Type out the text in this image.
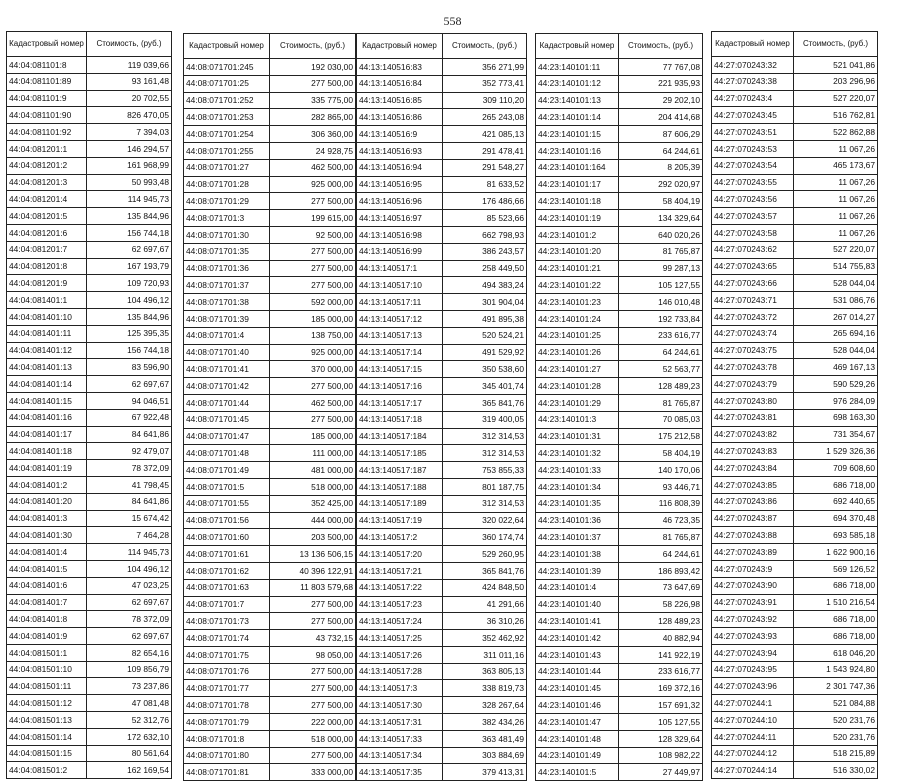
558
Кадастровый номер	Стоимость, (руб.)
44:04:081101:8	119 039,66
44:04:081101:89	93 161,48
44:04:081101:9	20 702,55
44:04:081101:90	826 470,05
44:04:081101:92	7 394,03
44:04:081201:1	146 294,57
44:04:081201:2	161 968,99
44:04:081201:3	50 993,48
44:04:081201:4	114 945,73
44:04:081201:5	135 844,96
44:04:081201:6	156 744,18
44:04:081201:7	62 697,67
44:04:081201:8	167 193,79
44:04:081201:9	109 720,93
44:04:081401:1	104 496,12
44:04:081401:10	135 844,96
44:04:081401:11	125 395,35
44:04:081401:12	156 744,18
44:04:081401:13	83 596,90
44:04:081401:14	62 697,67
44:04:081401:15	94 046,51
44:04:081401:16	67 922,48
44:04:081401:17	84 641,86
44:04:081401:18	92 479,07
44:04:081401:19	78 372,09
44:04:081401:2	41 798,45
44:04:081401:20	84 641,86
44:04:081401:3	15 674,42
44:04:081401:30	7 464,28
44:04:081401:4	114 945,73
44:04:081401:5	104 496,12
44:04:081401:6	47 023,25
44:04:081401:7	62 697,67
44:04:081401:8	78 372,09
44:04:081401:9	62 697,67
44:04:081501:1	82 654,16
44:04:081501:10	109 856,79
44:04:081501:11	73 237,86
44:04:081501:12	47 081,48
44:04:081501:13	52 312,76
44:04:081501:14	172 632,10
44:04:081501:15	80 561,64
44:04:081501:2	162 169,54
Кадастровый номер	Стоимость, (руб.)
44:08:071701:245	192 030,00
44:08:071701:25	277 500,00
44:08:071701:252	335 775,00
44:08:071701:253	282 865,00
44:08:071701:254	306 360,00
44:08:071701:255	24 928,75
44:08:071701:27	462 500,00
44:08:071701:28	925 000,00
44:08:071701:29	277 500,00
44:08:071701:3	199 615,00
44:08:071701:30	92 500,00
44:08:071701:35	277 500,00
44:08:071701:36	277 500,00
44:08:071701:37	277 500,00
44:08:071701:38	592 000,00
44:08:071701:39	185 000,00
44:08:071701:4	138 750,00
44:08:071701:40	925 000,00
44:08:071701:41	370 000,00
44:08:071701:42	277 500,00
44:08:071701:44	462 500,00
44:08:071701:45	277 500,00
44:08:071701:47	185 000,00
44:08:071701:48	111 000,00
44:08:071701:49	481 000,00
44:08:071701:5	518 000,00
44:08:071701:55	352 425,00
44:08:071701:56	444 000,00
44:08:071701:60	203 500,00
44:08:071701:61	13 136 506,15
44:08:071701:62	40 396 122,91
44:08:071701:63	11 803 579,68
44:08:071701:7	277 500,00
44:08:071701:73	277 500,00
44:08:071701:74	43 732,15
44:08:071701:75	98 050,00
44:08:071701:76	277 500,00
44:08:071701:77	277 500,00
44:08:071701:78	277 500,00
44:08:071701:79	222 000,00
44:08:071701:8	518 000,00
44:08:071701:80	277 500,00
44:08:071701:81	333 000,00
Кадастровый номер	Стоимость, (руб.)
44:13:140516:83	356 271,99
44:13:140516:84	352 773,41
44:13:140516:85	309 110,20
44:13:140516:86	265 243,08
44:13:140516:9	421 085,13
44:13:140516:93	291 478,41
44:13:140516:94	291 548,27
44:13:140516:95	81 633,52
44:13:140516:96	176 486,66
44:13:140516:97	85 523,66
44:13:140516:98	662 798,93
44:13:140516:99	386 243,57
44:13:140517:1	258 449,50
44:13:140517:10	494 383,24
44:13:140517:11	301 904,04
44:13:140517:12	491 895,38
44:13:140517:13	520 524,21
44:13:140517:14	491 529,92
44:13:140517:15	350 538,60
44:13:140517:16	345 401,74
44:13:140517:17	365 841,76
44:13:140517:18	319 400,05
44:13:140517:184	312 314,53
44:13:140517:185	312 314,53
44:13:140517:187	753 855,33
44:13:140517:188	801 187,75
44:13:140517:189	312 314,53
44:13:140517:19	320 022,64
44:13:140517:2	360 174,74
44:13:140517:20	529 260,95
44:13:140517:21	365 841,76
44:13:140517:22	424 848,50
44:13:140517:23	41 291,66
44:13:140517:24	36 310,26
44:13:140517:25	352 462,92
44:13:140517:26	311 011,16
44:13:140517:28	363 805,13
44:13:140517:3	338 819,73
44:13:140517:30	328 267,64
44:13:140517:31	382 434,26
44:13:140517:33	363 481,49
44:13:140517:34	303 884,69
44:13:140517:35	379 413,31
Кадастровый номер	Стоимость, (руб.)
44:23:140101:11	77 767,08
44:23:140101:12	221 935,93
44:23:140101:13	29 202,10
44:23:140101:14	204 414,68
44:23:140101:15	87 606,29
44:23:140101:16	64 244,61
44:23:140101:164	8 205,39
44:23:140101:17	292 020,97
44:23:140101:18	58 404,19
44:23:140101:19	134 329,64
44:23:140101:2	640 020,26
44:23:140101:20	81 765,87
44:23:140101:21	99 287,13
44:23:140101:22	105 127,55
44:23:140101:23	146 010,48
44:23:140101:24	192 733,84
44:23:140101:25	233 616,77
44:23:140101:26	64 244,61
44:23:140101:27	52 563,77
44:23:140101:28	128 489,23
44:23:140101:29	81 765,87
44:23:140101:3	70 085,03
44:23:140101:31	175 212,58
44:23:140101:32	58 404,19
44:23:140101:33	140 170,06
44:23:140101:34	93 446,71
44:23:140101:35	116 808,39
44:23:140101:36	46 723,35
44:23:140101:37	81 765,87
44:23:140101:38	64 244,61
44:23:140101:39	186 893,42
44:23:140101:4	73 647,69
44:23:140101:40	58 226,98
44:23:140101:41	128 489,23
44:23:140101:42	40 882,94
44:23:140101:43	141 922,19
44:23:140101:44	233 616,77
44:23:140101:45	169 372,16
44:23:140101:46	157 691,32
44:23:140101:47	105 127,55
44:23:140101:48	128 329,64
44:23:140101:49	108 982,22
44:23:140101:5	27 449,97
Кадастровый номер	Стоимость, (руб.)
44:27:070243:32	521 041,86
44:27:070243:38	203 296,96
44:27:070243:4	527 220,07
44:27:070243:45	516 762,81
44:27:070243:51	522 862,88
44:27:070243:53	11 067,26
44:27:070243:54	465 173,67
44:27:070243:55	11 067,26
44:27:070243:56	11 067,26
44:27:070243:57	11 067,26
44:27:070243:58	11 067,26
44:27:070243:62	527 220,07
44:27:070243:65	514 755,83
44:27:070243:66	528 044,04
44:27:070243:71	531 086,76
44:27:070243:72	267 014,27
44:27:070243:74	265 694,16
44:27:070243:75	528 044,04
44:27:070243:78	469 167,13
44:27:070243:79	590 529,26
44:27:070243:80	976 284,09
44:27:070243:81	698 163,30
44:27:070243:82	731 354,67
44:27:070243:83	1 529 326,36
44:27:070243:84	709 608,60
44:27:070243:85	686 718,00
44:27:070243:86	692 440,65
44:27:070243:87	694 370,48
44:27:070243:88	693 585,18
44:27:070243:89	1 622 900,16
44:27:070243:9	569 126,52
44:27:070243:90	686 718,00
44:27:070243:91	1 510 216,54
44:27:070243:92	686 718,00
44:27:070243:93	686 718,00
44:27:070243:94	618 046,20
44:27:070243:95	1 543 924,80
44:27:070243:96	2 301 747,36
44:27:070244:1	521 084,88
44:27:070244:10	520 231,76
44:27:070244:11	520 231,76
44:27:070244:12	518 215,89
44:27:070244:14	516 330,02
